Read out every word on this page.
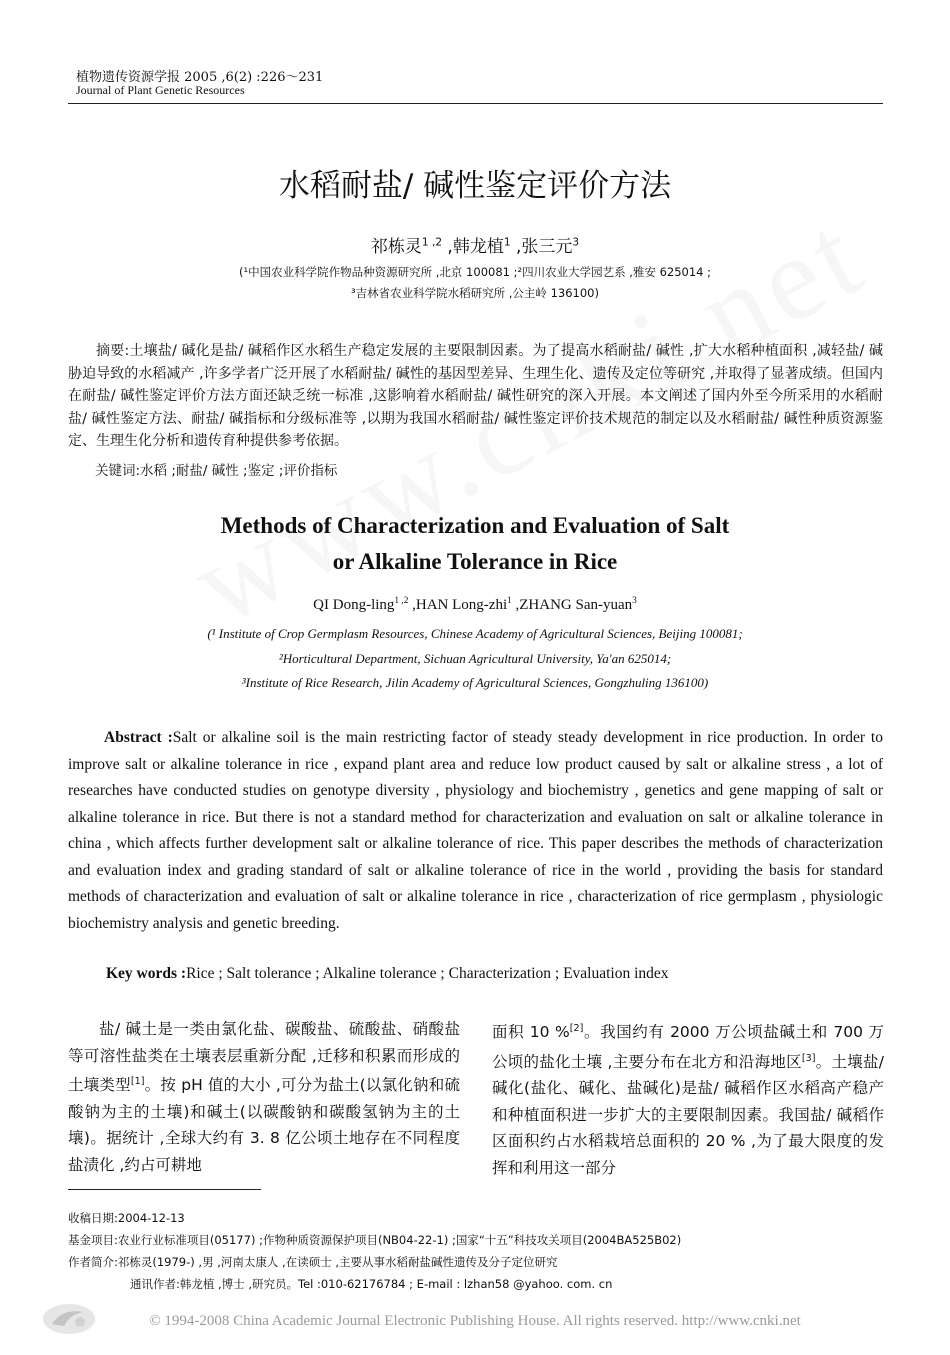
植物遗传资源学报 2005 ,6(2) :226～231
Journal of Plant Genetic Resources
水稻耐盐/ 碱性鉴定评价方法
祁栋灵$^{1 ,2}$ ,韩龙植$^1$ ,张三元$^3$
(¹中国农业科学院作物品种资源研究所 ,北京 100081 ;²四川农业大学园艺系 ,雅安 625014 ;
³吉林省农业科学院水稻研究所 ,公主岭 136100)
摘要:土壤盐/ 碱化是盐/ 碱稻作区水稻生产稳定发展的主要限制因素。为了提高水稻耐盐/ 碱性 ,扩大水稻种植面积 ,减轻盐/ 碱胁迫导致的水稻减产 ,许多学者广泛开展了水稻耐盐/ 碱性的基因型差异、生理生化、遗传及定位等研究 ,并取得了显著成绩。但国内在耐盐/ 碱性鉴定评价方法方面还缺乏统一标准 ,这影响着水稻耐盐/ 碱性研究的深入开展。本文阐述了国内外至今所采用的水稻耐盐/ 碱性鉴定方法、耐盐/ 碱指标和分级标准等 ,以期为我国水稻耐盐/ 碱性鉴定评价技术规范的制定以及水稻耐盐/ 碱性种质资源鉴定、生理生化分析和遗传育种提供参考依据。
关键词:水稻 ;耐盐/ 碱性 ;鉴定 ;评价指标
Methods of Characterization and Evaluation of Salt
or Alkaline Tolerance in Rice
QI Dong-ling$^{1 ,2}$ ,HAN Long-zhi$^1$ ,ZHANG San-yuan$^3$
(¹ Institute of Crop Germplasm Resources, Chinese Academy of Agricultural Sciences, Beijing 100081;
²Horticultural Department, Sichuan Agricultural University, Ya'an 625014;
³Institute of Rice Research, Jilin Academy of Agricultural Sciences, Gongzhuling 136100)
Abstract :Salt or alkaline soil is the main restricting factor of steady steady development in rice production. In order to improve salt or alkaline tolerance in rice , expand plant area and reduce low product caused by salt or alkaline stress , a lot of researches have conducted studies on genotype diversity , physiology and biochemistry , genetics and gene mapping of salt or alkaline tolerance in rice. But there is not a standard method for characterization and evaluation on salt or alkaline tolerance in china , which affects further development salt or alkaline tolerance of rice. This paper describes the methods of characterization and evaluation index and grading standard of salt or alkaline tolerance of rice in the world , providing the basis for standard methods of characterization and evaluation of salt or alkaline tolerance in rice , characterization of rice germplasm , physiologic biochemistry analysis and genetic breeding.
Key words :Rice ; Salt tolerance ; Alkaline tolerance ; Characterization ; Evaluation index
盐/ 碱土是一类由氯化盐、碳酸盐、硫酸盐、硝酸盐等可溶性盐类在土壤表层重新分配 ,迁移和积累而形成的土壤类型[1]。按 pH 值的大小 ,可分为盐土(以氯化钠和硫酸钠为主的土壤)和碱土(以碳酸钠和碳酸氢钠为主的土壤)。据统计 ,全球大约有 3. 8 亿公顷土地存在不同程度盐渍化 ,约占可耕地
面积 10 %[2]。我国约有 2000 万公顷盐碱土和 700 万公顷的盐化土壤 ,主要分布在北方和沿海地区[3]。土壤盐/ 碱化(盐化、碱化、盐碱化)是盐/ 碱稻作区水稻高产稳产和种植面积进一步扩大的主要限制因素。我国盐/ 碱稻作区面积约占水稻栽培总面积的 20 % ,为了最大限度的发挥和利用这一部分
收稿日期:2004-12-13
基金项目:农业行业标准项目(05177) ;作物种质资源保护项目(NB04-22-1) ;国家“十五”科技攻关项目(2004BA525B02)
作者简介:祁栋灵(1979-) ,男 ,河南太康人 ,在读硕士 ,主要从事水稻耐盐碱性遗传及分子定位研究
通讯作者:韩龙植 ,博士 ,研究员。Tel :010-62176784 ; E-mail : lzhan58 @yahoo. com. cn
© 1994-2008 China Academic Journal Electronic Publishing House. All rights reserved. http://www.cnki.net
